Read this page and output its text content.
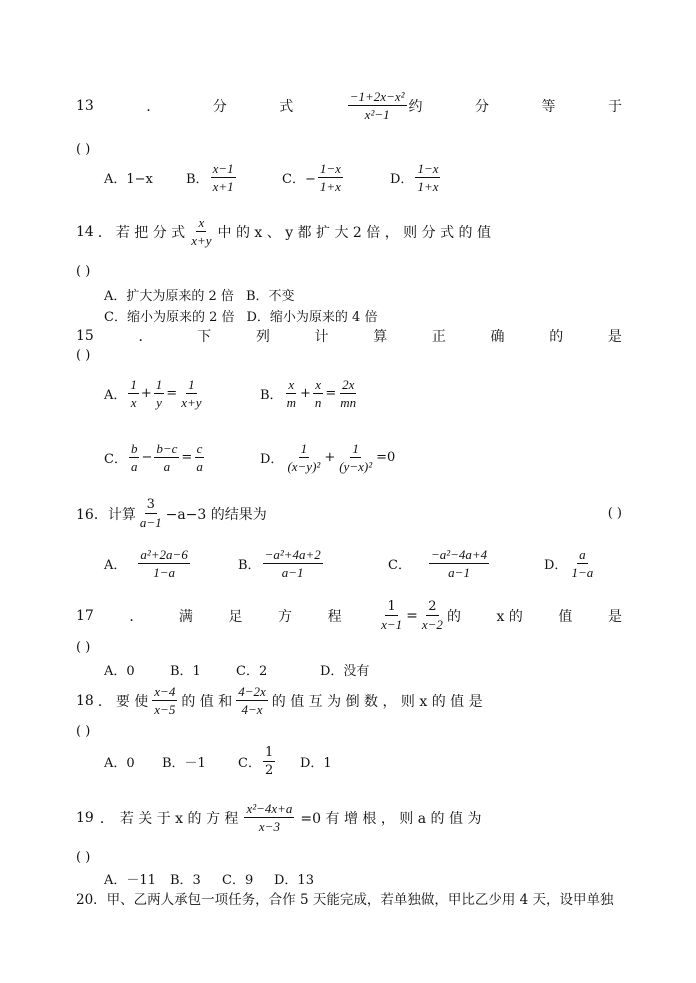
13	．	分	式	$\frac{\text{−1+2x−x²}}{\text{x²−1}}$ 约	分	等	于
( )
A．1−x	B． $\frac{x-1}{x+1}$	C．− $\frac{1-x}{1+x}$	D． $\frac{1-x}{1+x}$
14 ． 若 把 分 式 $\frac{x}{x+y}$ 中 的 x 、 y 都 扩 大 2 倍 ， 则 分 式 的 值
( )
A．扩大为原来的 2 倍 B．不变
C．缩小为原来的 2 倍 D．缩小为原来的 4 倍
15	．	下	列	计	算	正	确	的	是
( )
A． $\frac{1}{x} + \frac{1}{y} = \frac{1}{x+y}$	B． $\frac{x}{m} + \frac{x}{n} = \frac{2x}{mn}$
C． $\frac{b}{a} - \frac{b-c}{a} = \frac{c}{a}$	D． $\frac{1}{\text{(x−y)²}} + \frac{1}{\text{(y−x)²}} =0$
16．计算 $\frac{3}{a-1} -a-3$ 的结果为	( )
A． $\frac{\text{a²+2a−6}}{1-a}$	B． $\frac{\text{−a²+4a+2}}{a-1}$	C． $\frac{\text{−a²−4a+4}}{a-1}$	D． $\frac{a}{1-a}$
17	．	满	足	方	程	$\frac{1}{x-1} = \frac{2}{x-2}$ 的	x 的	值	是
( )
A．0	B．1	C．2	D．没有
18 ． 要 使 $\frac{x-4}{x-5}$ 的 值 和 $\frac{4-2x}{4-x}$ 的 值 互 为 倒 数 ， 则 x 的 值 是
( )
A．0	B．－1	C． $\frac{1}{2}$ D．1
19 ． 若 关 于 x 的 方 程 $\frac{\text{x²−4x+a}}{x-3} =0$ 有 增 根 ， 则 a 的 值 为
( )
A．－11	B．3	C．9	D．13
20．甲、乙两人承包一项任务，合作 5 天能完成，若单独做，甲比乙少用 4 天，设甲单独
